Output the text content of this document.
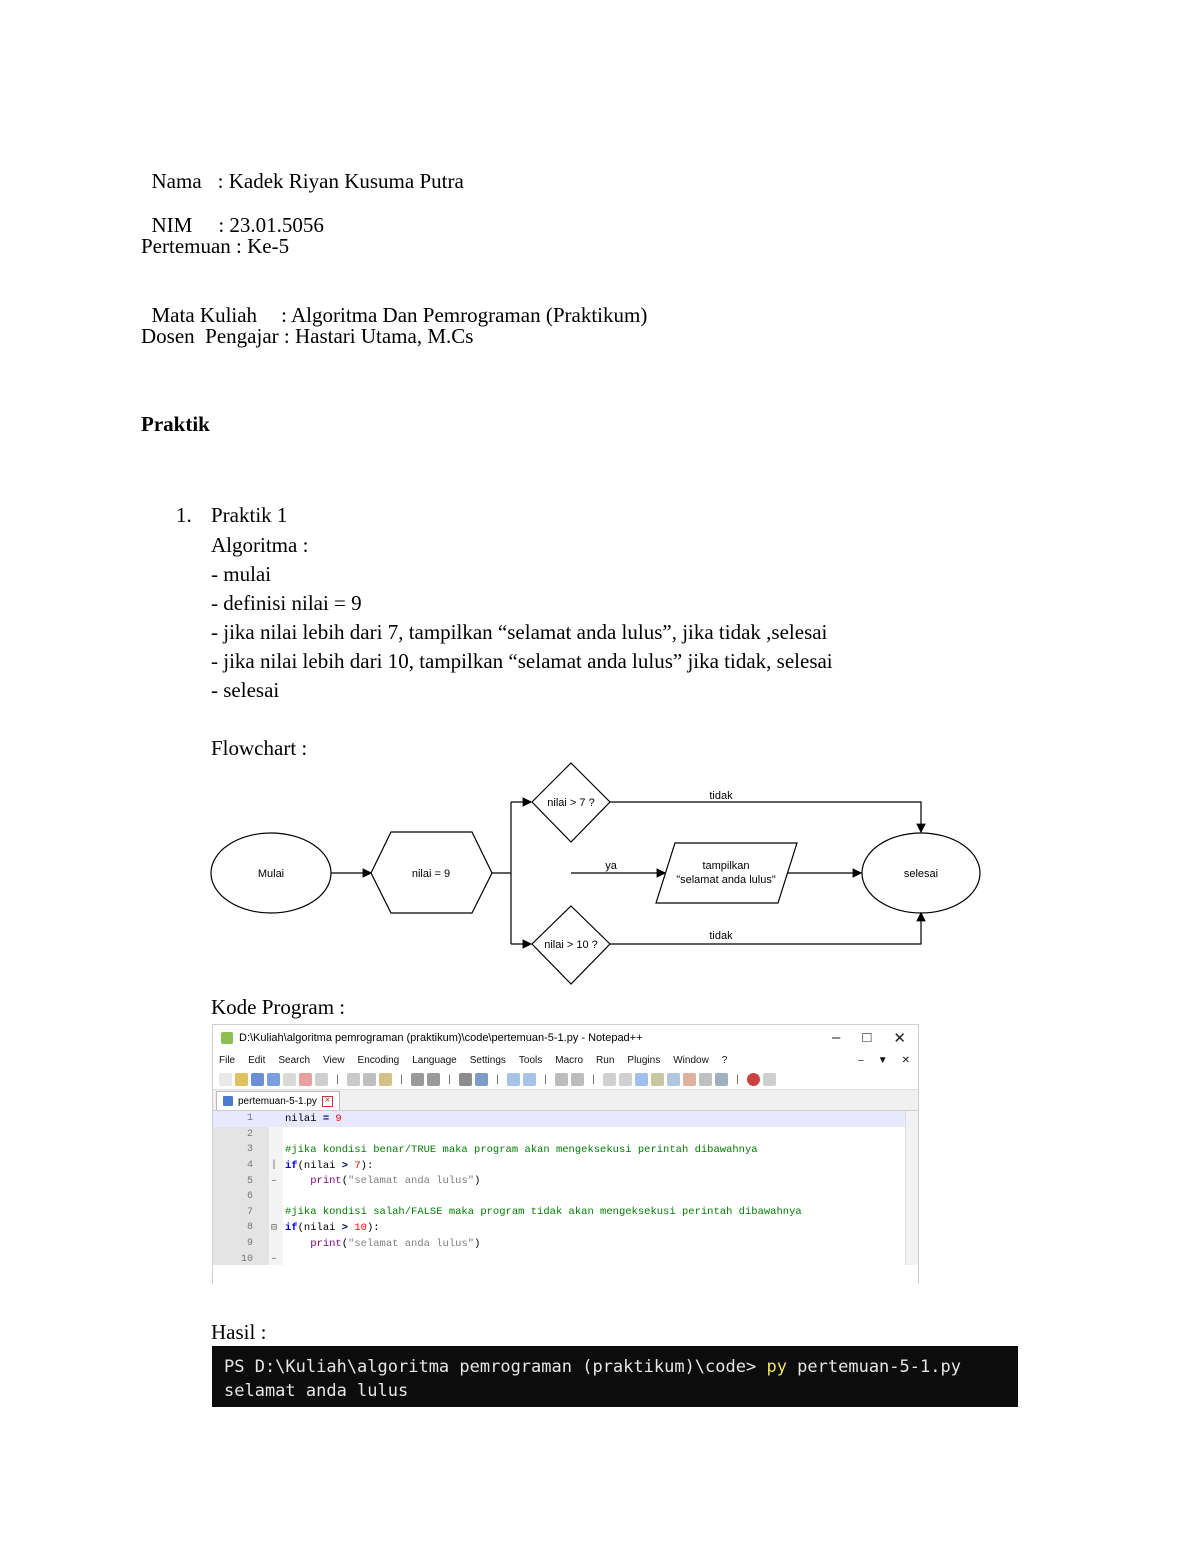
Nama : Kadek Riyan Kusuma Putra

NIM : 23.01.5056

Pertemuan : Ke-5

Mata Kuliah : Algoritma Dan Pemrograman (Praktikum)

Dosen  Pengajar : Hastari Utama, M.Cs
Praktik
1. Praktik 1
Algoritma :
- mulai
- definisi nilai = 9
- jika nilai lebih dari 7, tampilkan “selamat anda lulus”, jika tidak ,selesai
- jika nilai lebih dari 10, tampilkan “selamat anda lulus” jika tidak, selesai
- selesai
Flowchart :
Mulai	nilai = 9
nilai > 7 ?
nilai > 10 ?
tidak
tidak
ya	tampilkan
"selamat anda lulus"	selesai
Kode Program :
D:\Kuliah\algoritma pemrograman (praktikum)\code\pertemuan-5-1.py - Notepad++	– □ ✕
File Edit Search View Encoding Language Settings Tools Macro Run Plugins Window ?	– ▼ ✕
|	|	|	|	|	|	|
pertemuan-5-1.py ×
1	nilai = 9
2
3	#jika kondisi benar/TRUE maka program akan mengeksekusi perintah dibawahnya
4 | if(nilai > 7):
5 –	print("selamat anda lulus")
6
7	#jika kondisi salah/FALSE maka program tidak akan mengeksekusi perintah dibawahnya
8 ⊟ if(nilai > 10):
9	print("selamat anda lulus")
10 –
Hasil :
PS D:\Kuliah\algoritma pemrograman (praktikum)\code> py pertemuan-5-1.py
selamat anda lulus
